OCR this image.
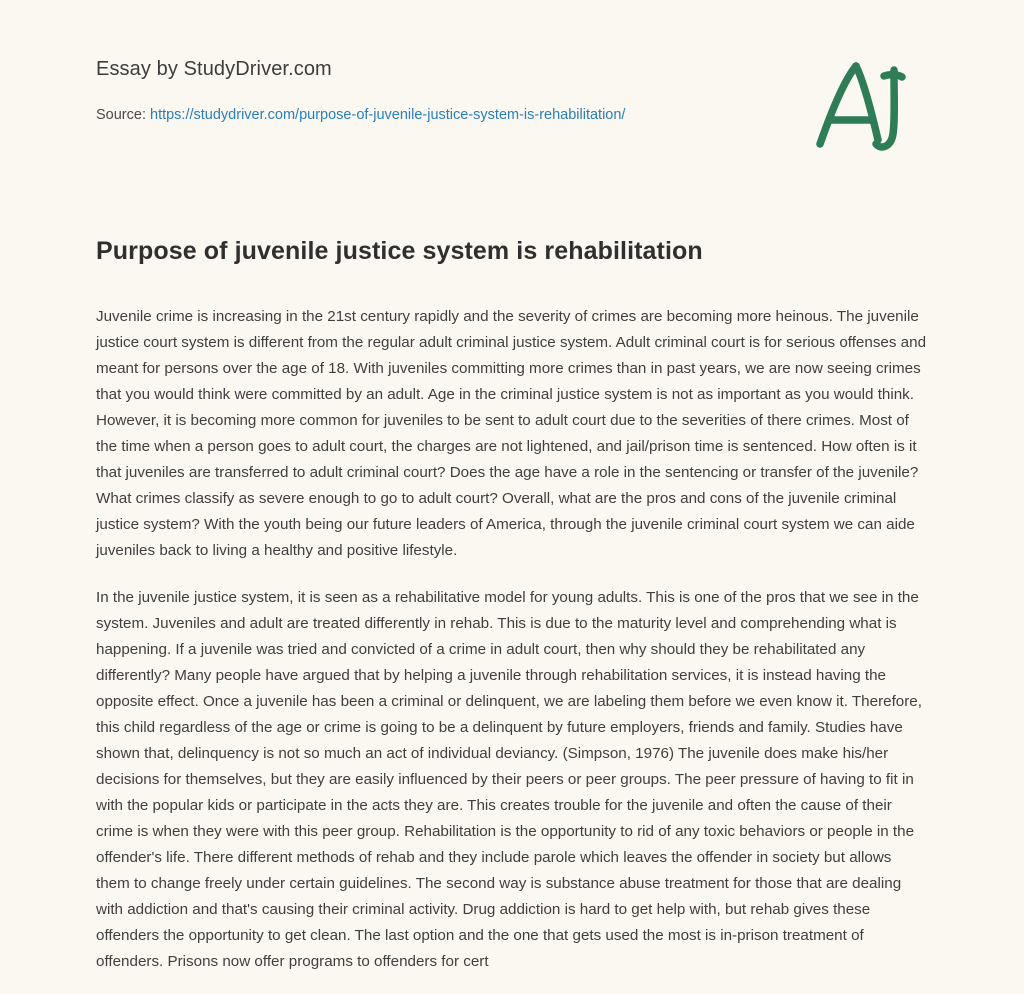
Essay by StudyDriver.com
Source: https://studydriver.com/purpose-of-juvenile-justice-system-is-rehabilitation/
Purpose of juvenile justice system is rehabilitation

Juvenile crime is increasing in the 21st century rapidly and the severity of crimes are becoming more heinous. The juvenile justice court system is different from the regular adult criminal justice system. Adult criminal court is for serious offenses and meant for persons over the age of 18. With juveniles committing more crimes than in past years, we are now seeing crimes that you would think were committed by an adult. Age in the criminal justice system is not as important as you would think. However, it is becoming more common for juveniles to be sent to adult court due to the severities of there crimes. Most of the time when a person goes to adult court, the charges are not lightened, and jail/prison time is sentenced. How often is it that juveniles are transferred to adult criminal court? Does the age have a role in the sentencing or transfer of the juvenile? What crimes classify as severe enough to go to adult court? Overall, what are the pros and cons of the juvenile criminal justice system? With the youth being our future leaders of America, through the juvenile criminal court system we can aide juveniles back to living a healthy and positive lifestyle.

In the juvenile justice system, it is seen as a rehabilitative model for young adults. This is one of the pros that we see in the system. Juveniles and adult are treated differently in rehab. This is due to the maturity level and comprehending what is happening. If a juvenile was tried and convicted of a crime in adult court, then why should they be rehabilitated any differently? Many people have argued that by helping a juvenile through rehabilitation services, it is instead having the opposite effect. Once a juvenile has been a criminal or delinquent, we are labeling them before we even know it. Therefore, this child regardless of the age or crime is going to be a delinquent by future employers, friends and family. Studies have shown that, delinquency is not so much an act of individual deviancy. (Simpson, 1976) The juvenile does make his/her decisions for themselves, but they are easily influenced by their peers or peer groups. The peer pressure of having to fit in with the popular kids or participate in the acts they are. This creates trouble for the juvenile and often the cause of their crime is when they were with this peer group. Rehabilitation is the opportunity to rid of any toxic behaviors or people in the offender's life. There different methods of rehab and they include parole which leaves the offender in society but allows them to change freely under certain guidelines. The second way is substance abuse treatment for those that are dealing with addiction and that's causing their criminal activity. Drug addiction is hard to get help with, but rehab gives these offenders the opportunity to get clean. The last option and the one that gets used the most is in-prison treatment of offenders. Prisons now offer programs to offenders for cert
